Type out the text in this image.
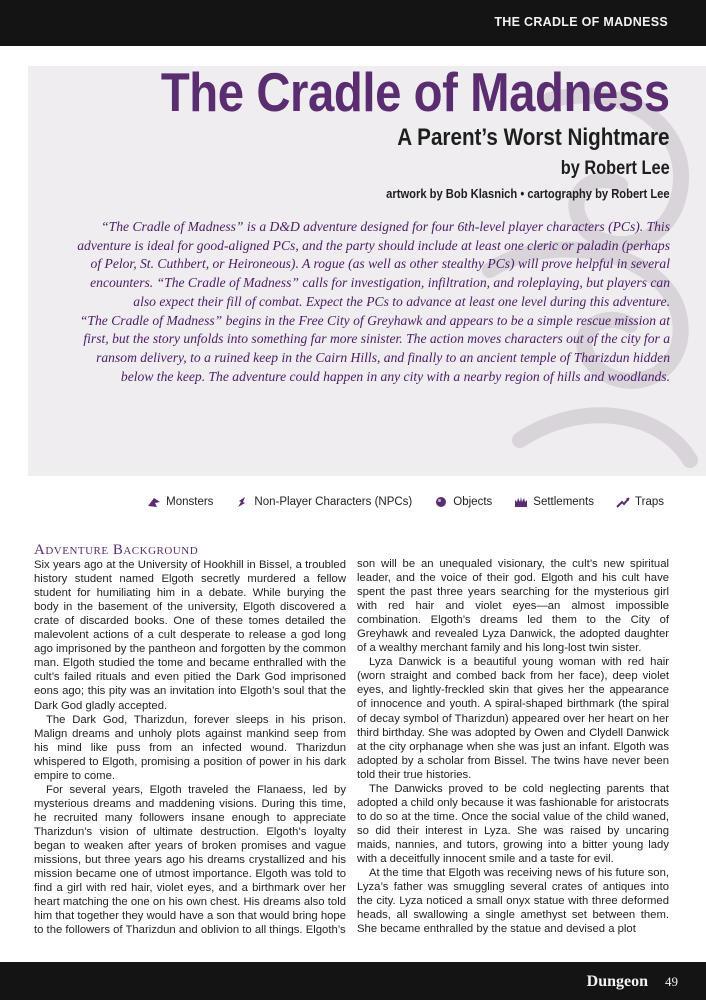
THE CRADLE OF MADNESS
The Cradle of Madness
A Parent’s Worst Nightmare
by Robert Lee
artwork by Bob Klasnich • cartography by Robert Lee

“The Cradle of Madness” is a D&D adventure designed for four 6th-level player characters (PCs). This adventure is ideal for good-aligned PCs, and the party should include at least one cleric or paladin (perhaps of Pelor, St. Cuthbert, or Heironeous). A rogue (as well as other stealthy PCs) will prove helpful in several encounters. “The Cradle of Madness” calls for investigation, infiltration, and roleplaying, but players can also expect their fill of combat. Expect the PCs to advance at least one level during this adventure.

“The Cradle of Madness” begins in the Free City of Greyhawk and appears to be a simple rescue mission at first, but the story unfolds into something far more sinister. The action moves characters out of the city for a ransom delivery, to a ruined keep in the Cairn Hills, and finally to an ancient temple of Tharizdun hidden below the keep. The adventure could happen in any city with a nearby region of hills and woodlands.

Monsters	Non-Player Characters (NPCs)	Objects	Settlements	Traps
Adventure Background

Six years ago at the University of Hookhill in Bissel, a troubled history student named Elgoth secretly murdered a fellow student for humiliating him in a debate. While burying the body in the basement of the university, Elgoth discovered a crate of discarded books. One of these tomes detailed the malevolent actions of a cult desperate to release a god long ago imprisoned by the pantheon and forgotten by the common man. Elgoth studied the tome and became enthralled with the cult’s failed rituals and even pitied the Dark God imprisoned eons ago; this pity was an invitation into Elgoth’s soul that the Dark God gladly accepted.

The Dark God, Tharizdun, forever sleeps in his prison. Malign dreams and unholy plots against mankind seep from his mind like puss from an infected wound. Tharizdun whispered to Elgoth, promising a position of power in his dark empire to come.

For several years, Elgoth traveled the Flanaess, led by mysterious dreams and maddening visions. During this time, he recruited many followers insane enough to appreciate Tharizdun’s vision of ultimate destruction. Elgoth’s loyalty began to weaken after years of broken promises and vague missions, but three years ago his dreams crystallized and his mission became one of utmost importance. Elgoth was told to find a girl with red hair, violet eyes, and a birthmark over her heart matching the one on his own chest. His dreams also told him that together they would have a son that would bring hope to the followers of Tharizdun and oblivion to all things. Elgoth’s

son will be an unequaled visionary, the cult’s new spiritual leader, and the voice of their god. Elgoth and his cult have spent the past three years searching for the mysterious girl with red hair and violet eyes—an almost impossible combination. Elgoth’s dreams led them to the City of Greyhawk and revealed Lyza Danwick, the adopted daughter of a wealthy merchant family and his long-lost twin sister.

Lyza Danwick is a beautiful young woman with red hair (worn straight and combed back from her face), deep violet eyes, and lightly-freckled skin that gives her the appearance of innocence and youth. A spiral-shaped birthmark (the spiral of decay symbol of Tharizdun) appeared over her heart on her third birthday. She was adopted by Owen and Clydell Danwick at the city orphanage when she was just an infant. Elgoth was adopted by a scholar from Bissel. The twins have never been told their true histories.

The Danwicks proved to be cold neglecting parents that adopted a child only because it was fashionable for aristocrats to do so at the time. Once the social value of the child waned, so did their interest in Lyza. She was raised by uncaring maids, nannies, and tutors, growing into a bitter young lady with a deceitfully innocent smile and a taste for evil.

At the time that Elgoth was receiving news of his future son, Lyza’s father was smuggling several crates of antiques into the city. Lyza noticed a small onyx statue with three deformed heads, all swallowing a single amethyst set between them. She became enthralled by the statue and devised a plot

Dungeon 49
